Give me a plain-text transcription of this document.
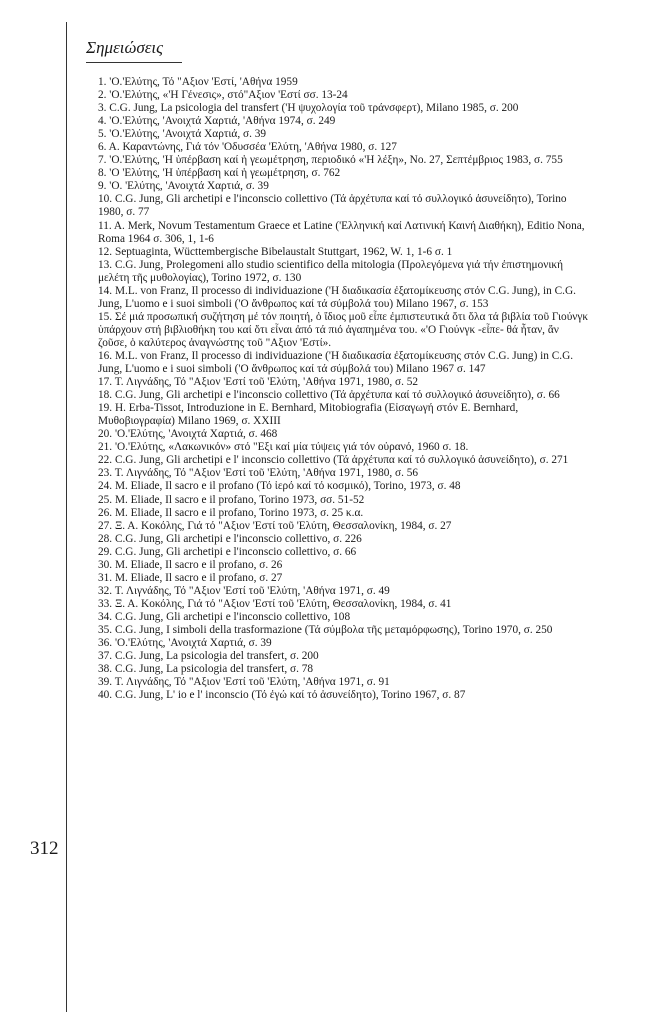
312
Σημειώσεις
1. 'Ο.'Ελύτης, Τό "Αξιον 'Εστί, 'Αθήνα 1959
2. 'Ο.'Ελύτης, «'Η Γένεσις», στό"Αξιον 'Εστί σσ. 13-24
3. C.G. Jung, La psicologia del transfert ('Η ψυχολογία τοῦ τράνσφερτ), Milano 1985, σ. 200
4. 'Ο.'Ελύτης, 'Ανοιχτά Χαρτιά, 'Αθήνα 1974, σ. 249
5. 'Ο.'Ελύτης, 'Ανοιχτά Χαρτιά, σ. 39
6. Α. Καραντώνης, Γιά τόν 'Οδυσσέα 'Ελύτη, 'Αθήνα 1980, σ. 127
7. 'Ο.'Ελύτης, 'Η ὑπέρβαση καί ἡ γεωμέτρηση, περιοδικό «'Η λέξη», No. 27, Σεπτέμβριος 1983, σ. 755
8. 'Ο 'Ελύτης, 'Η ὑπέρβαση καί ἡ γεωμέτρηση, σ. 762
9. 'Ο. 'Ελύτης, 'Ανοιχτά Χαρτιά, σ. 39
10. C.G. Jung, Gli archetipi e l'inconscio collettivo (Τά ἀρχέτυπα καί τό συλλογικό ἀσυνείδητο), Torino 1980, σ. 77
11. A. Merk, Novum Testamentum Graece et Latine ('Ελληνική καί Λατινική Καινή Διαθήκη), Editio Nona, Roma 1964 σ. 306, 1, 1-6
12. Septuaginta, Wücttembergische Bibelaustalt Stuttgart, 1962, W. 1, 1-6 σ. 1
13. C.G. Jung, Prolegomeni allo studio scientifico della mitologia (Προλεγόμενα γιά τήν ἐπιστημονική μελέτη τῆς μυθολογίας), Torino 1972, σ. 130
14. M.L. von Franz, Il processo di individuazione ('Η διαδικασία ἐξατομίκευσης στόν C.G. Jung), in C.G. Jung, L'uomo e i suoi simboli ('Ο ἄνθρωπος καί τά σύμβολά του) Milano 1967, σ. 153
15. Σέ μιά προσωπική συζήτηση μέ τόν ποιητή, ὁ ἴδιος μοῦ εἶπε ἐμπιστευτικά ὅτι ὅλα τά βιβλία τοῦ Γιούνγκ ὑπάρχουν στή βιβλιοθήκη του καί ὅτι εἶναι ἀπό τά πιό ἀγαπημένα του. «'Ο Γιούνγκ -εἶπε- θά ἦταν, ἄν ζοῦσε, ὁ καλύτερος ἀναγνώστης τοῦ "Αξιον 'Εστί».
16. M.L. von Franz, Il processo di individuazione ('Η διαδικασία ἐξατομίκευσης στόν C.G. Jung) in C.G. Jung, L'uomo e i suoi simboli ('Ο ἄνθρωπος καί τά σύμβολά του) Milano 1967 σ. 147
17. Τ. Λιγνάδης, Τό "Αξιον 'Εστί τοῦ 'Ελύτη, 'Αθήνα 1971, 1980, σ. 52
18. C.G. Jung, Gli archetipi e l'inconscio collettivo (Τά ἀρχέτυπα καί τό συλλογικό ἀσυνείδητο), σ. 66
19. H. Erba-Tissot, Introduzione in E. Bernhard, Mitobiografia (Εἰσαγωγή στόν E. Bernhard, Μυθοβιογραφία) Milano 1969, σ. XXIII
20. 'Ο.'Ελύτης, 'Ανοιχτά Χαρτιά, σ. 468
21. 'Ο.'Ελύτης, «Λακωνικόν» στό "Εξι καί μία τύψεις γιά τόν οὐρανό, 1960 σ. 18.
22. C.G. Jung, Gli archetipi e l' inconscio collettivo (Τά ἀρχέτυπα καί τό συλλογικό ἀσυνείδητο), σ. 271
23. Τ. Λιγνάδης, Τό "Αξιον 'Εστί τοῦ 'Ελύτη, 'Αθήνα 1971, 1980, σ. 56
24. M. Eliade, Il sacro e il profano (Τό ἱερό καί τό κοσμικό), Torino, 1973, σ. 48
25. M. Eliade, Il sacro e il profano, Torino 1973, σσ. 51-52
26. M. Eliade, Il sacro e il profano, Torino 1973, σ. 25 κ.α.
27. Ξ. Α. Κοκόλης, Γιά τό "Αξιον 'Εστί τοῦ 'Ελύτη, Θεσσαλονίκη, 1984, σ. 27
28. C.G. Jung, Gli archetipi e l'inconscio collettivo, σ. 226
29. C.G. Jung, Gli archetipi e l'inconscio collettivo, σ. 66
30. M. Eliade, Il sacro e il profano, σ. 26
31. M. Eliade, Il sacro e il profano, σ. 27
32. Τ. Λιγνάδης, Τό "Αξιον 'Εστί τοῦ 'Ελύτη, 'Αθήνα 1971, σ. 49
33. Ξ. Α. Κοκόλης, Γιά τό "Αξιον 'Εστί τοῦ 'Ελύτη, Θεσσαλονίκη, 1984, σ. 41
34. C.G. Jung, Gli archetipi e l'inconscio collettivo, 108
35. C.G. Jung, I simboli della trasformazione (Τά σύμβολα τῆς μεταμόρφωσης), Torino 1970, σ. 250
36. 'Ο.'Ελύτης, 'Ανοιχτά Χαρτιά, σ. 39
37. C.G. Jung, La psicologia del transfert, σ. 200
38. C.G. Jung, La psicologia del transfert, σ. 78
39. Τ. Λιγνάδης, Τό "Αξιον 'Εστί τοῦ 'Ελύτη, 'Αθήνα 1971, σ. 91
40. C.G. Jung, L' io e l' inconscio (Τό ἐγώ καί τό ἀσυνείδητο), Torino 1967, σ. 87
